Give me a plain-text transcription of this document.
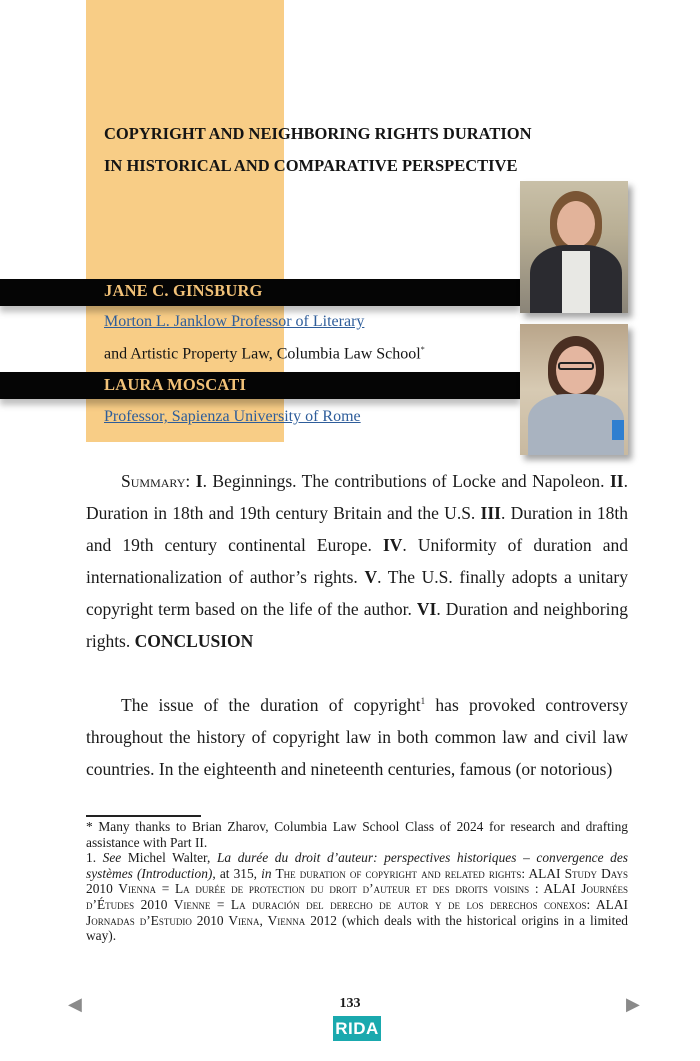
COPYRIGHT AND NEIGHBORING RIGHTS DURATION
IN HISTORICAL AND COMPARATIVE PERSPECTIVE
JANE C. GINSBURG
Morton L. Janklow Professor of Literary
and Artistic Property Law, Columbia Law School*
LAURA MOSCATI
Professor, Sapienza University of Rome

Summary: I. Beginnings. The contributions of Locke and Napoleon. II. Duration in 18th and 19th century Britain and the U.S. III. Duration in 18th and 19th century continental Europe. IV. Uniformity of duration and internationalization of author’s rights. V. The U.S. finally adopts a unitary copyright term based on the life of the author. VI. Duration and neighboring rights. CONCLUSION

The issue of the duration of copyright$^1$ has provoked controversy throughout the history of copyright law in both common law and civil law countries. In the eighteenth and nineteenth centuries, famous (or notorious)

* Many thanks to Brian Zharov, Columbia Law School Class of 2024 for research and drafting assistance with Part II.

1. See Michel Walter, La durée du droit d’auteur: perspectives historiques – convergence des systèmes (Introduction), at 315, in The duration of copyright and related rights: ALAI Study Days 2010 Vienna = La durée de protection du droit d’auteur et des droits voisins : ALAI Journées d’Études 2010 Vienne = La duración del derecho de autor y de los derechos conexos: ALAI Jornadas d’Estudio 2010 Viena, Vienna 2012 (which deals with the historical origins in a limited way).

◀	133	▶
RIDA
